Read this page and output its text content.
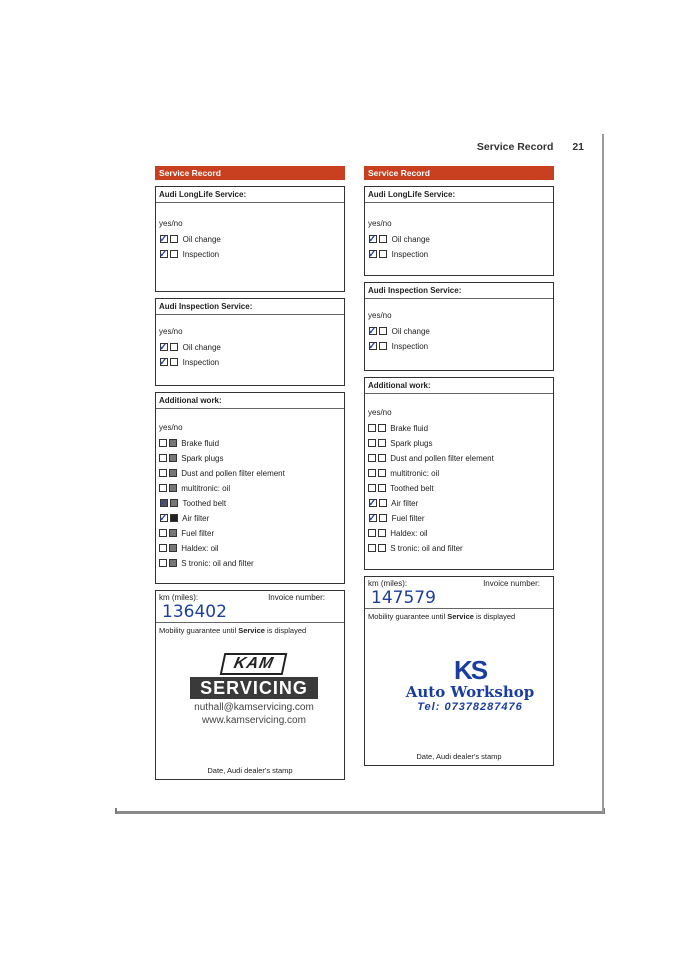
Service Record 21
Service Record
Audi LongLife Service:
yes/no
✓ Oil change
✓ Inspection
Audi Inspection Service:
yes/no
✓ Oil change
✓ Inspection
Additional work:
yes/no
Brake fluid
Spark plugs
Dust and pollen filter element
multitronic: oil
✓ Toothed belt
✓ Air filter
Fuel filter
Haldex: oil
S tronic: oil and filter
km (miles):	Invoice number:
136402
Mobility guarantee until Service is displayed
KAM
SERVICING
nuthall@kamservicing.com
www.kamservicing.com
Date, Audi dealer's stamp
Service Record
Audi LongLife Service:
yes/no
✓ Oil change
✓ Inspection
Audi Inspection Service:
yes/no
✓ Oil change
✓ Inspection
Additional work:
yes/no
Brake fluid
Spark plugs
Dust and pollen filter element
multitronic: oil
Toothed belt
✓ Air filter
✓ Fuel filter
Haldex: oil
S tronic: oil and filter
km (miles):	Invoice number:
147579
Mobility guarantee until Service is displayed
KS
Auto Workshop
Tel: 07378287476
Date, Audi dealer's stamp
